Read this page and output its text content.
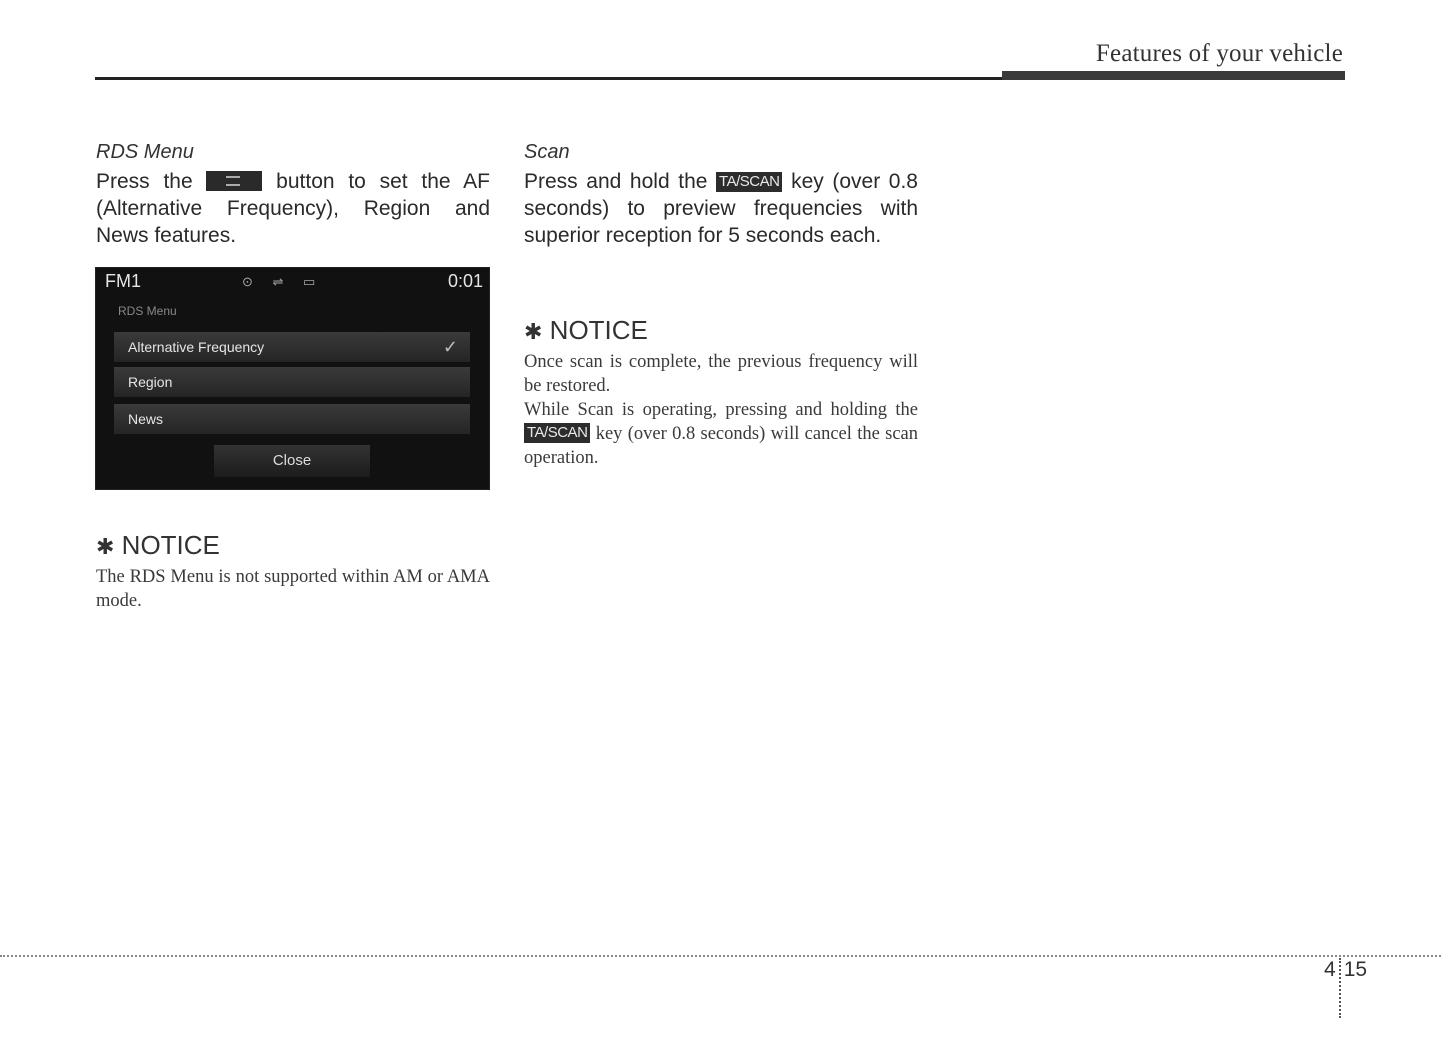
Features of your vehicle
RDS Menu

Press the	button to set the AF (Alternative Frequency), Region and News features.

FM1	⊙ ⇌ ▭	0:01
RDS Menu
Alternative Frequency	✓
Region
News
Close
✱ NOTICE

The RDS Menu is not supported within AM or AMA mode.

Scan

Press and hold the TA/SCAN key (over 0.8 seconds) to preview frequencies with superior reception for 5 seconds each.

✱ NOTICE

Once scan is complete, the previous frequency will be restored.

While Scan is operating, pressing and holding the TA/SCAN key (over 0.8 seconds) will cancel the scan operation.

4 15
